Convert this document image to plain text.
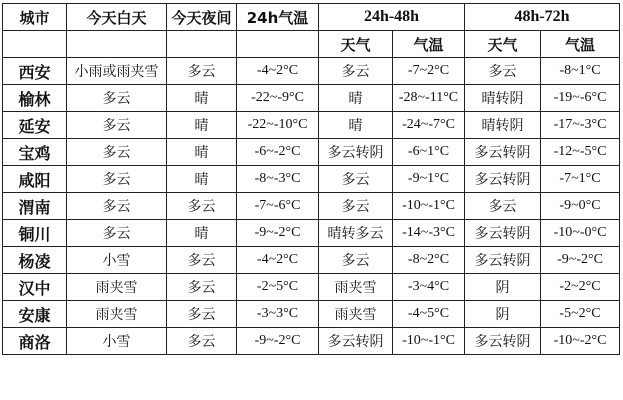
城市	今天白天	今天夜间	24h气温	24h-48h		48h-72h	
				天气	气温	天气	气温
西安	小雨或雨夹雪	多云	-4~2°C	多云	-7~2°C	多云	-8~1°C
榆林	多云	晴	-22~-9°C	晴	-28~-11°C	晴转阴	-19~-6°C
延安	多云	晴	-22~-10°C	晴	-24~-7°C	晴转阴	-17~-3°C
宝鸡	多云	晴	-6~-2°C	多云转阴	-6~1°C	多云转阴	-12~-5°C
咸阳	多云	晴	-8~-3°C	多云	-9~1°C	多云转阴	-7~1°C
渭南	多云	多云	-7~-6°C	多云	-10~-1°C	多云	-9~0°C
铜川	多云	晴	-9~-2°C	晴转多云	-14~-3°C	多云转阴	-10~-0°C
杨凌	小雪	多云	-4~2°C	多云	-8~2°C	多云转阴	-9~-2°C
汉中	雨夹雪	多云	-2~5°C	雨夹雪	-3~4°C	阴	-2~2°C
安康	雨夹雪	多云	-3~3°C	雨夹雪	-4~5°C	阴	-5~2°C
商洛	小雪	多云	-9~-2°C	多云转阴	-10~-1°C	多云转阴	-10~-2°C
